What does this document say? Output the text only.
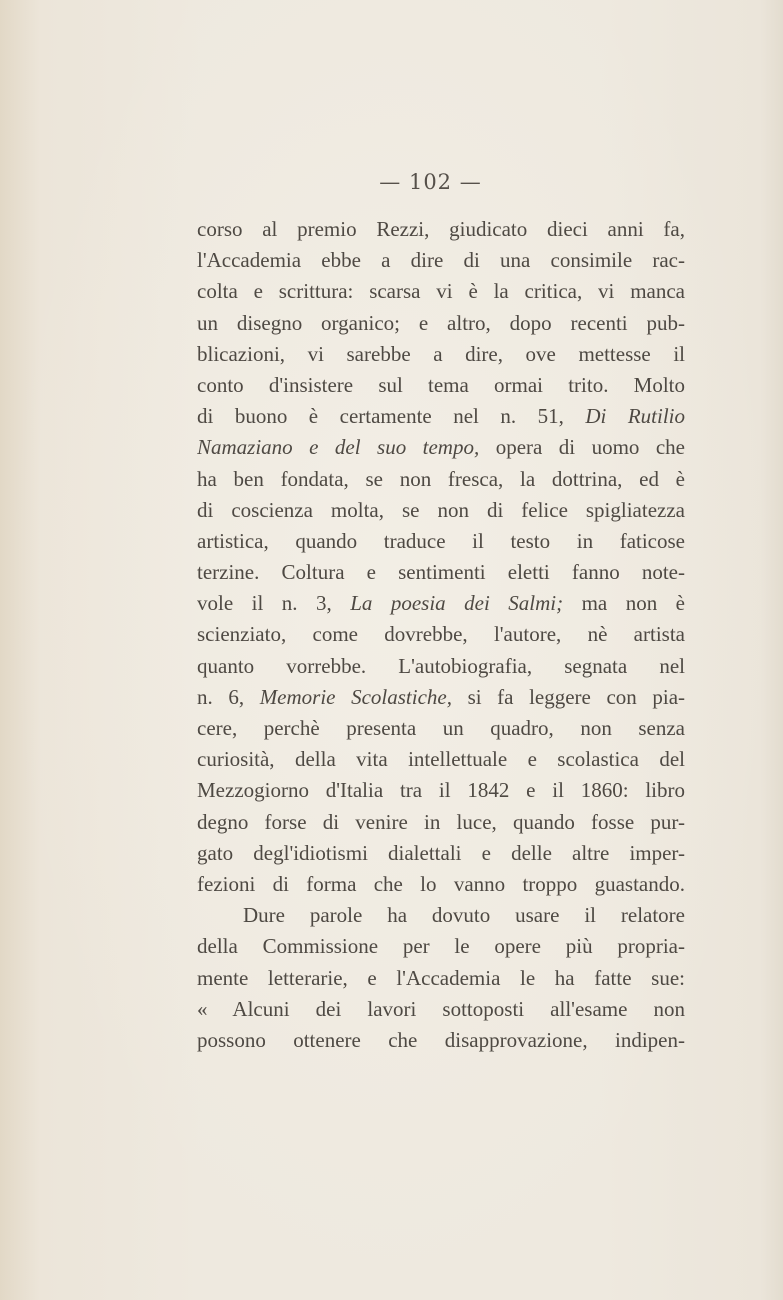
— 102 —
corso al premio Rezzi, giudicato dieci anni fa,
l'Accademia ebbe a dire di una consimile rac-
colta e scrittura: scarsa vi è la critica, vi manca
un disegno organico; e altro, dopo recenti pub-
blicazioni, vi sarebbe a dire, ove mettesse il
conto d'insistere sul tema ormai trito. Molto
di buono è certamente nel n. 51, Di Rutilio
Namaziano e del suo tempo, opera di uomo che
ha ben fondata, se non fresca, la dottrina, ed è
di coscienza molta, se non di felice spigliatezza
artistica, quando traduce il testo in faticose
terzine. Coltura e sentimenti eletti fanno note-
vole il n. 3, La poesia dei Salmi; ma non è
scienziato, come dovrebbe, l'autore, nè artista
quanto vorrebbe. L'autobiografia, segnata nel
n. 6, Memorie Scolastiche, si fa leggere con pia-
cere, perchè presenta un quadro, non senza
curiosità, della vita intellettuale e scolastica del
Mezzogiorno d'Italia tra il 1842 e il 1860: libro
degno forse di venire in luce, quando fosse pur-
gato degl'idiotismi dialettali e delle altre imper-
fezioni di forma che lo vanno troppo guastando.
Dure parole ha dovuto usare il relatore
della Commissione per le opere più propria-
mente letterarie, e l'Accademia le ha fatte sue:
« Alcuni dei lavori sottoposti all'esame non
possono ottenere che disapprovazione, indipen-
